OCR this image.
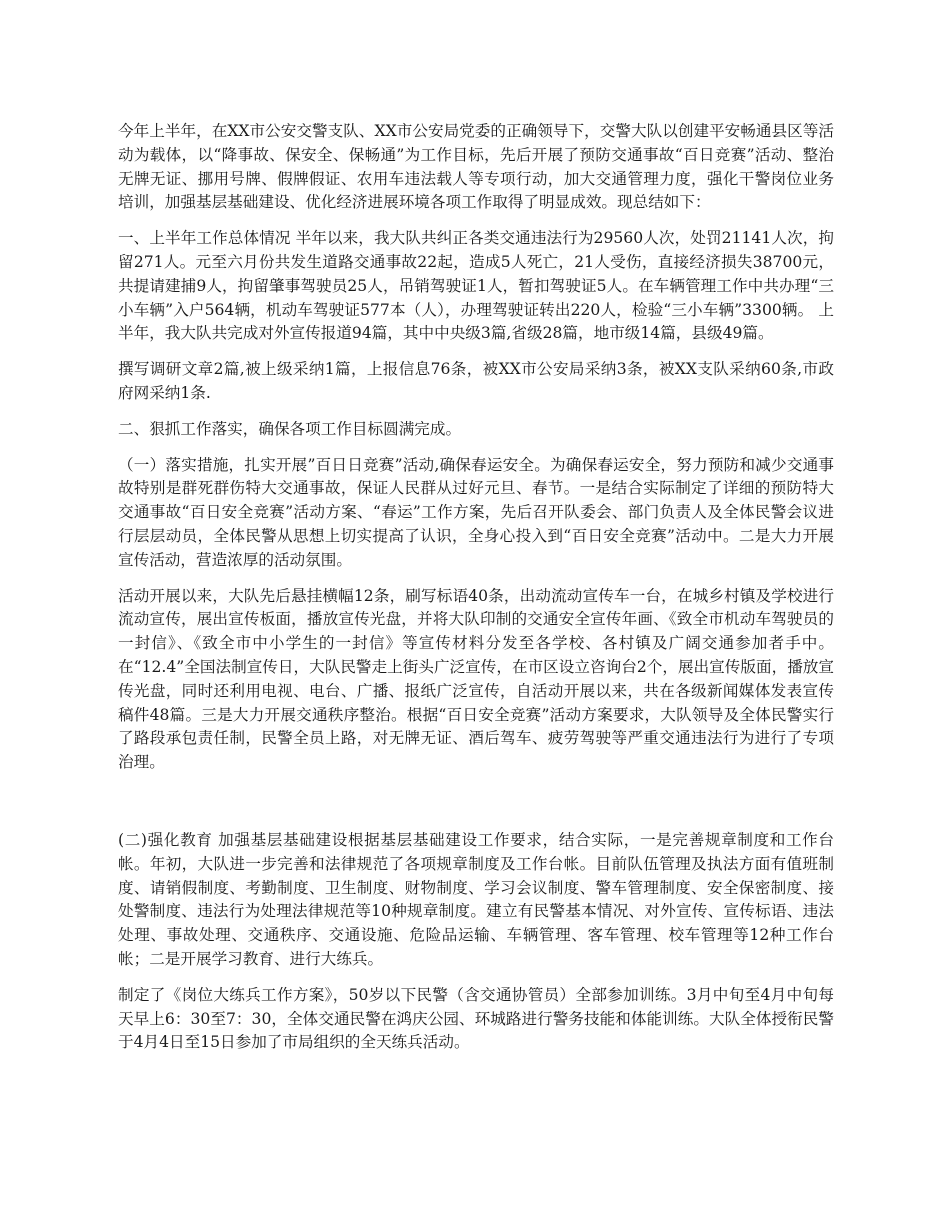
今年上半年，在XX市公安交警支队、XX市公安局党委的正确领导下，交警大队以创建平安畅通县区等活动为载体，以“降事故、保安全、保畅通”为工作目标，先后开展了预防交通事故“百日竞赛”活动、整治无牌无证、挪用号牌、假牌假证、农用车违法载人等专项行动，加大交通管理力度，强化干警岗位业务培训，加强基层基础建设、优化经济进展环境各项工作取得了明显成效。现总结如下：

一、上半年工作总体情况 半年以来，我大队共纠正各类交通违法行为29560人次，处罚21141人次，拘留271人。元至六月份共发生道路交通事故22起，造成5人死亡，21人受伤，直接经济损失38700元，共提请建捕9人，拘留肇事驾驶员25人，吊销驾驶证1人，暂扣驾驶证5人。在车辆管理工作中共办理“三小车辆”入户564辆，机动车驾驶证577本（人），办理驾驶证转出220人，检验“三小车辆”3300辆。 上半年，我大队共完成对外宣传报道94篇，其中中央级3篇,省级28篇，地市级14篇，县级49篇。

撰写调研文章2篇,被上级采纳1篇，上报信息76条，被XX市公安局采纳3条，被XX支队采纳60条,市政府网采纳1条.

二、狠抓工作落实，确保各项工作目标圆满完成。

（一）落实措施，扎实开展”百日日竞赛”活动,确保春运安全。为确保春运安全，努力预防和减少交通事故特别是群死群伤特大交通事故，保证人民群从过好元旦、春节。一是结合实际制定了详细的预防特大交通事故“百日安全竞赛”活动方案、“春运”工作方案，先后召开队委会、部门负责人及全体民警会议进行层层动员，全体民警从思想上切实提高了认识，全身心投入到“百日安全竞赛”活动中。二是大力开展宣传活动，营造浓厚的活动氛围。

活动开展以来，大队先后悬挂横幅12条，刷写标语40条，出动流动宣传车一台，在城乡村镇及学校进行流动宣传，展出宣传板面，播放宣传光盘，并将大队印制的交通安全宣传年画、《致全市机动车驾驶员的一封信》、《致全市中小学生的一封信》等宣传材料分发至各学校、各村镇及广阔交通参加者手中。在“12.4”全国法制宣传日，大队民警走上街头广泛宣传，在市区设立咨询台2个，展出宣传版面，播放宣传光盘，同时还利用电视、电台、广播、报纸广泛宣传，自活动开展以来，共在各级新闻媒体发表宣传稿件48篇。三是大力开展交通秩序整治。根据“百日安全竞赛”活动方案要求，大队领导及全体民警实行了路段承包责任制，民警全员上路，对无牌无证、酒后驾车、疲劳驾驶等严重交通违法行为进行了专项治理。

(二)强化教育 加强基层基础建设根据基层基础建设工作要求，结合实际，一是完善规章制度和工作台帐。年初，大队进一步完善和法律规范了各项规章制度及工作台帐。目前队伍管理及执法方面有值班制度、请销假制度、考勤制度、卫生制度、财物制度、学习会议制度、警车管理制度、安全保密制度、接处警制度、违法行为处理法律规范等10种规章制度。建立有民警基本情况、对外宣传、宣传标语、违法处理、事故处理、交通秩序、交通设施、危险品运输、车辆管理、客车管理、校车管理等12种工作台帐；二是开展学习教育、进行大练兵。

制定了《岗位大练兵工作方案》，50岁以下民警（含交通协管员）全部参加训练。3月中旬至4月中旬每天早上6：30至7：30，全体交通民警在鸿庆公园、环城路进行警务技能和体能训练。大队全体授衔民警于4月4日至15日参加了市局组织的全天练兵活动。
